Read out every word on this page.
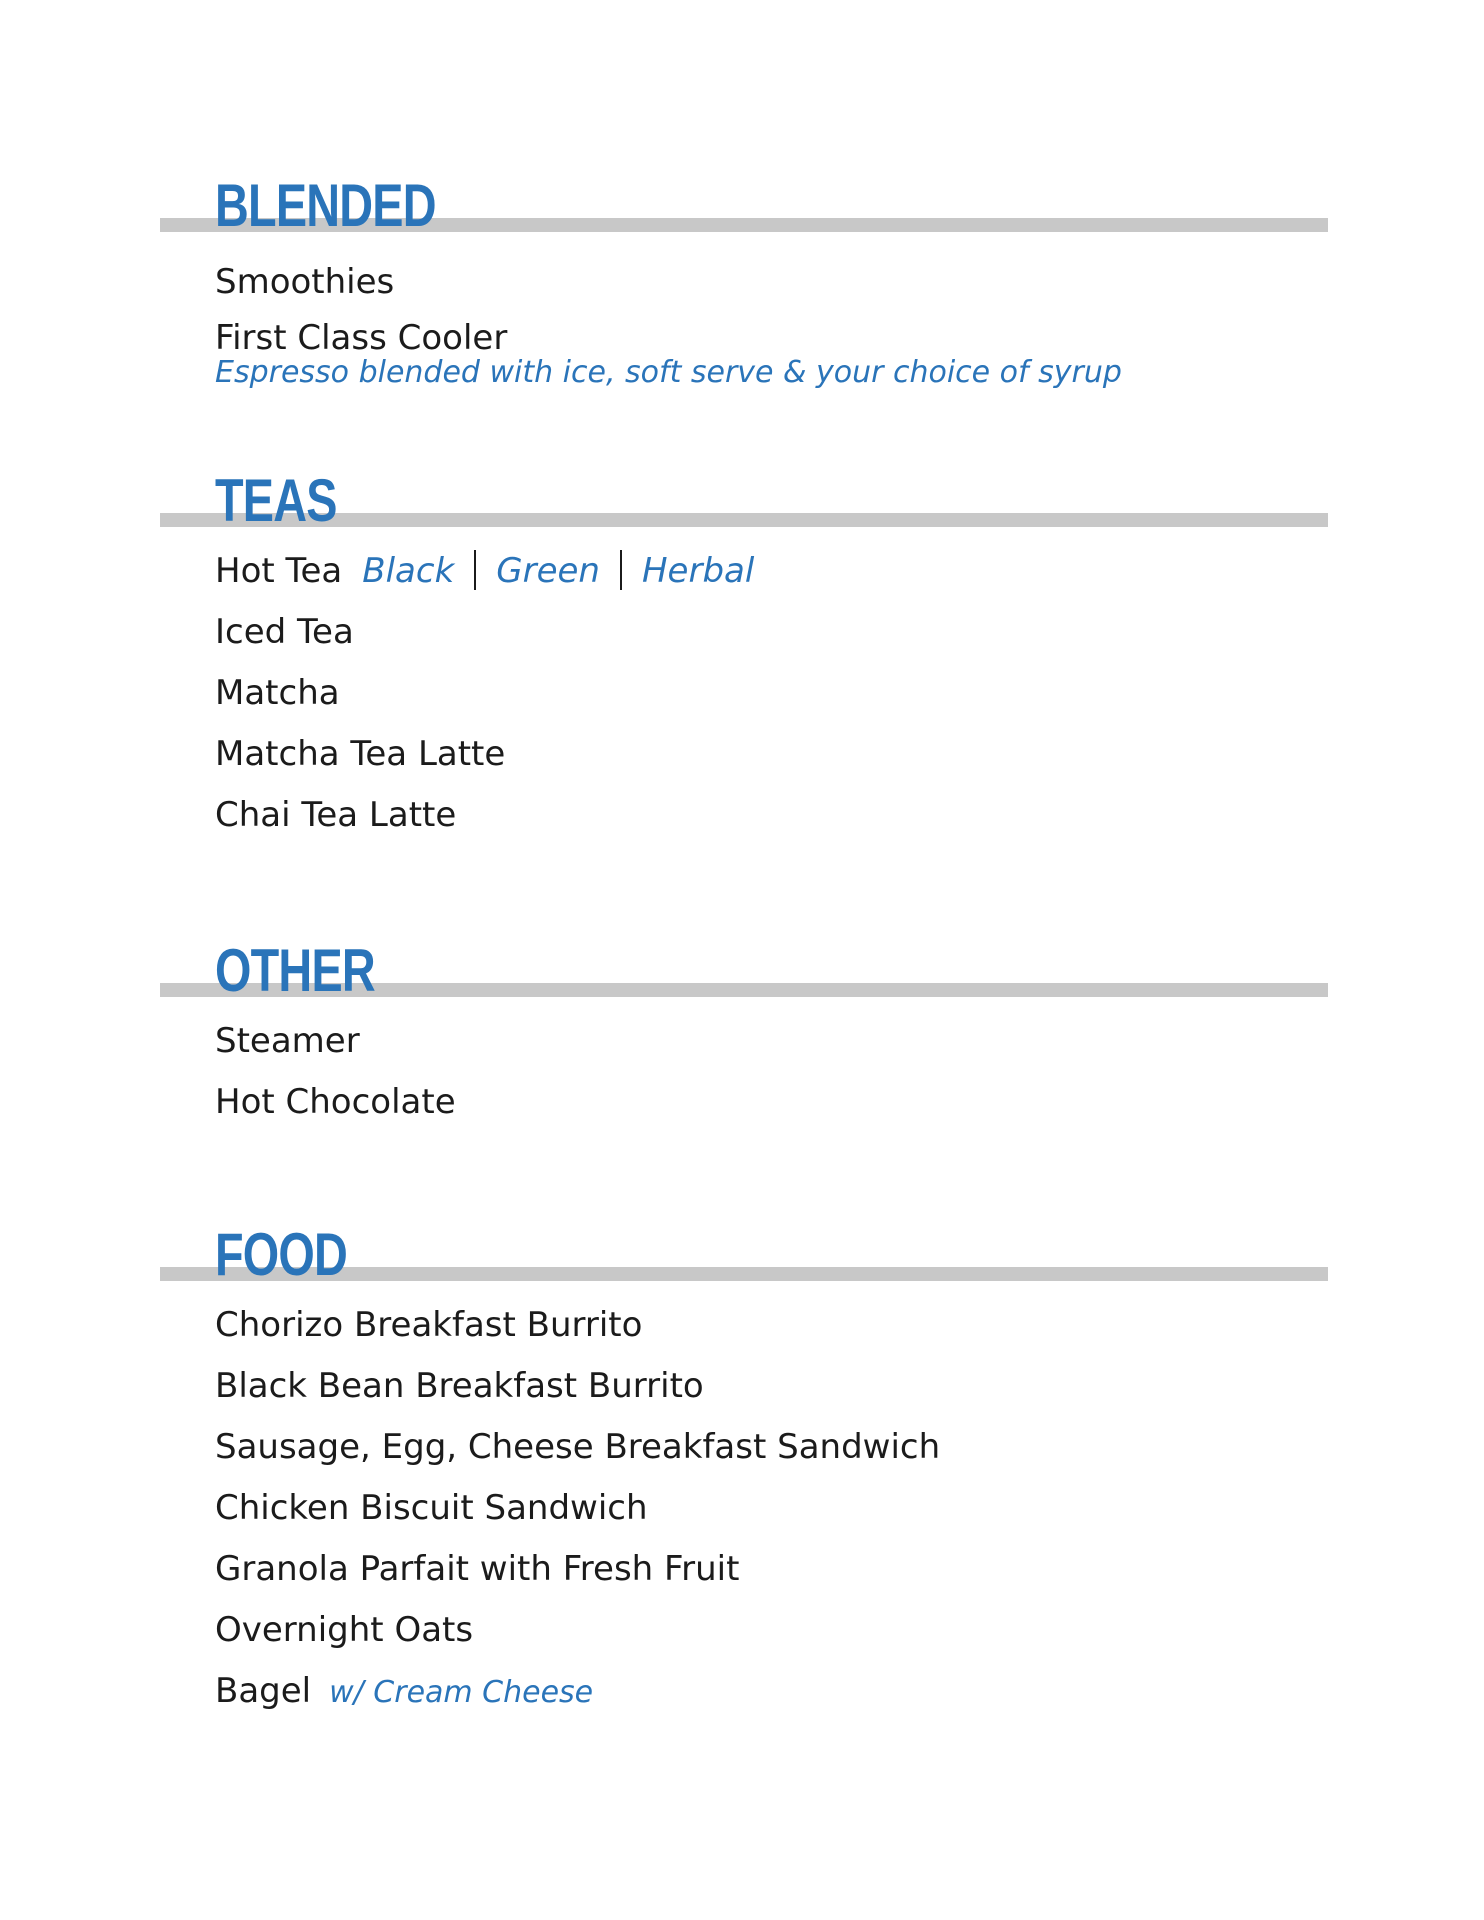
BLENDED
Smoothies
First Class Cooler
Espresso blended with ice, soft serve & your choice of syrup
TEAS
Hot Tea Black Green Herbal
Iced Tea
Matcha
Matcha Tea Latte
Chai Tea Latte
OTHER
Steamer
Hot Chocolate
FOOD
Chorizo Breakfast Burrito
Black Bean Breakfast Burrito
Sausage, Egg, Cheese Breakfast Sandwich
Chicken Biscuit Sandwich
Granola Parfait with Fresh Fruit
Overnight Oats
Bagel w/ Cream Cheese
